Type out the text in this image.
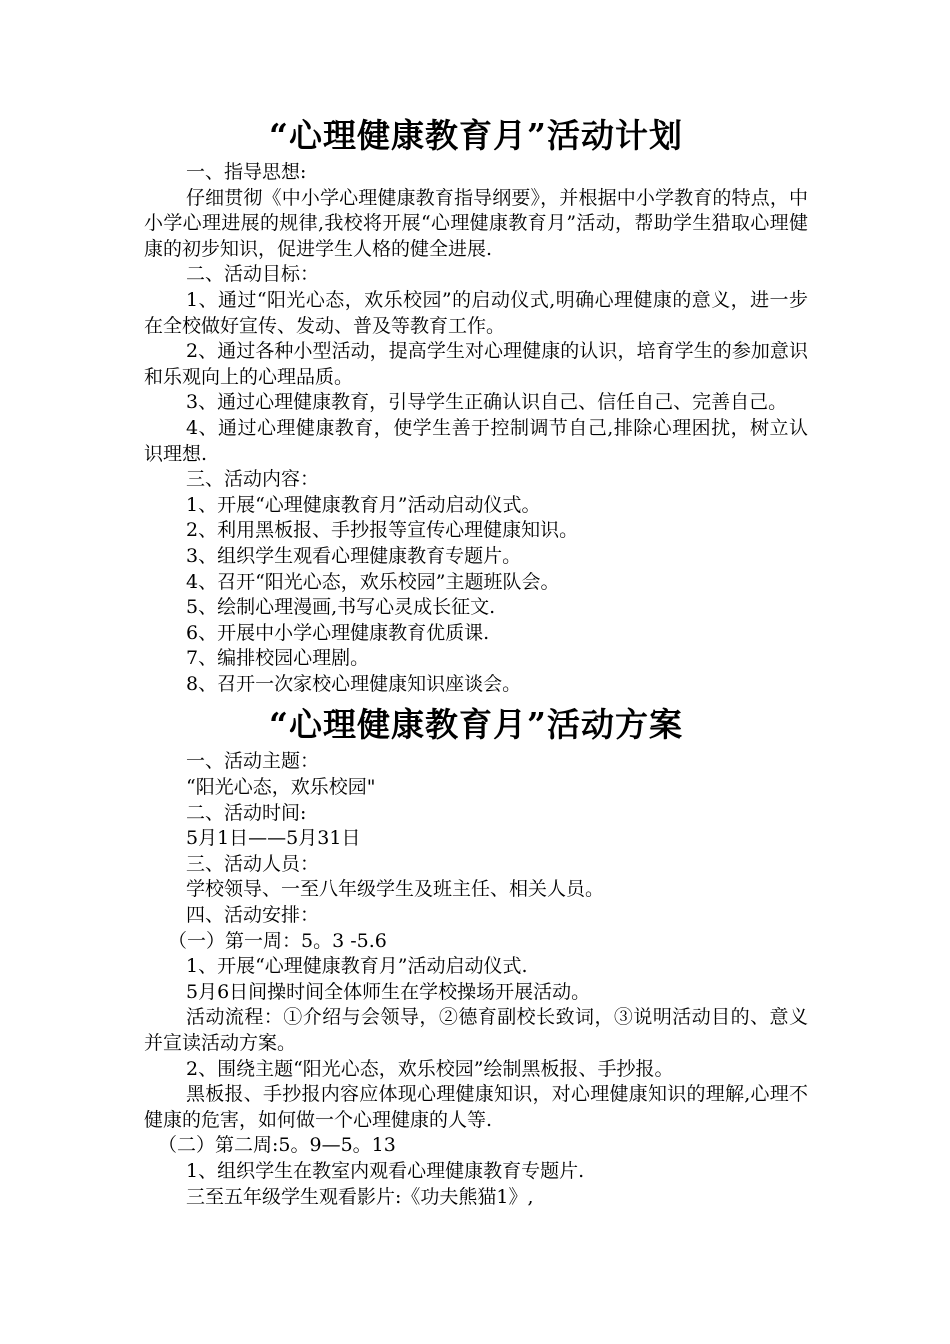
“心理健康教育月”活动计划

一、指导思想:

仔细贯彻《中小学心理健康教育指导纲要》，并根据中小学教育的特点，中小学心理进展的规律,我校将开展“心理健康教育月”活动，帮助学生猎取心理健康的初步知识，促进学生人格的健全进展.

二、活动目标：

1、通过“阳光心态，欢乐校园”的启动仪式,明确心理健康的意义，进一步在全校做好宣传、发动、普及等教育工作。

2、通过各种小型活动，提高学生对心理健康的认识，培育学生的参加意识和乐观向上的心理品质。

3、通过心理健康教育，引导学生正确认识自己、信任自己、完善自己。

4、通过心理健康教育，使学生善于控制调节自己,排除心理困扰，树立认识理想.

三、活动内容：

1、开展“心理健康教育月”活动启动仪式。

2、利用黑板报、手抄报等宣传心理健康知识。

3、组织学生观看心理健康教育专题片。

4、召开“阳光心态，欢乐校园”主题班队会。

5、绘制心理漫画,书写心灵成长征文.

6、开展中小学心理健康教育优质课.

7、编排校园心理剧。

8、召开一次家校心理健康知识座谈会。

“心理健康教育月”活动方案

一、活动主题：

“阳光心态，欢乐校园"

二、活动时间:

5月1日——5月31日

三、活动人员：

学校领导、一至八年级学生及班主任、相关人员。

四、活动安排：

（一）第一周：5。3 -5.6

1、开展“心理健康教育月”活动启动仪式.

5月6日间操时间全体师生在学校操场开展活动。

活动流程：①介绍与会领导，②德育副校长致词，③说明活动目的、意义并宣读活动方案。

2、围绕主题“阳光心态，欢乐校园”绘制黑板报、手抄报。

黑板报、手抄报内容应体现心理健康知识，对心理健康知识的理解,心理不健康的危害，如何做一个心理健康的人等.

（二）第二周:5。9—5。13

1、组织学生在教室内观看心理健康教育专题片.

三至五年级学生观看影片:《功夫熊猫1》,
